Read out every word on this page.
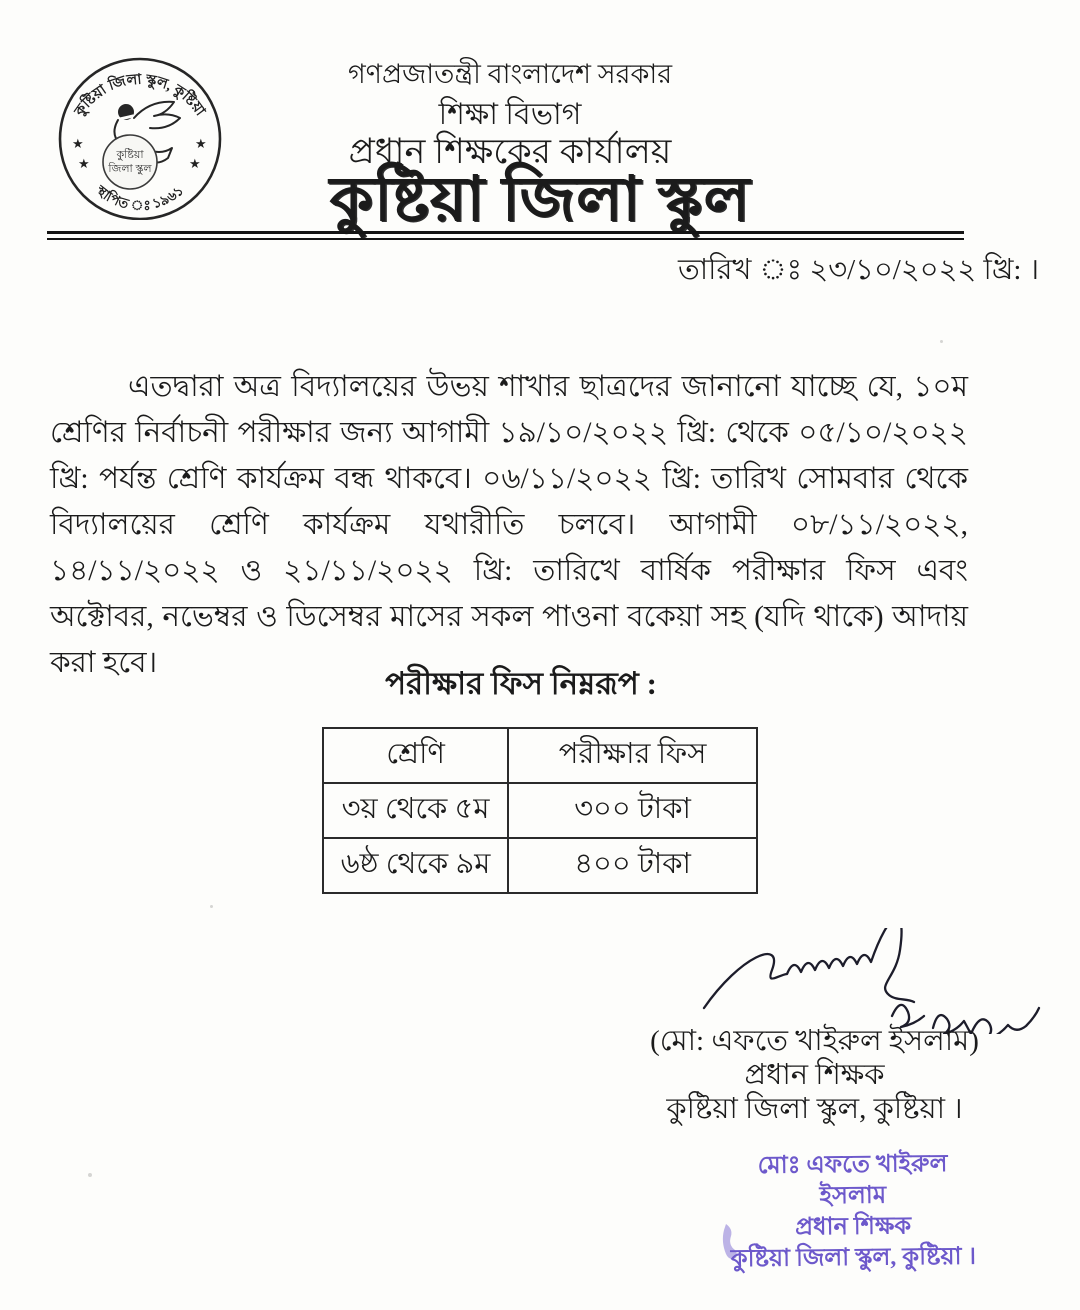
কুষ্টিয়া জিলা স্কুল, কুষ্টিয়া
স্থাপিত ঃ ১৯৬১
★
★
★
★
কুষ্টিয়া
জিলা স্কুল
গণপ্রজাতন্ত্রী বাংলাদেশ সরকার
শিক্ষা বিভাগ
প্রধান শিক্ষকের কার্যালয়
কুষ্টিয়া জিলা স্কুল
তারিখ ঃ ২৩/১০/২০২২ খ্রি: ।

এতদ্বারা অত্র বিদ্যালয়ের উভয় শাখার ছাত্রদের জানানো যাচ্ছে যে, ১০ম শ্রেণির নির্বাচনী পরীক্ষার জন্য আগামী ১৯/১০/২০২২ খ্রি: থেকে ০৫/১০/২০২২ খ্রি: পর্যন্ত শ্রেণি কার্যক্রম বন্ধ থাকবে। ০৬/১১/২০২২ খ্রি: তারিখ সোমবার থেকে বিদ্যালয়ের শ্রেণি কার্যক্রম যথারীতি চলবে। আগামী ০৮/১১/২০২২, ১৪/১১/২০২২ ও ২১/১১/২০২২ খ্রি: তারিখে বার্ষিক পরীক্ষার ফিস এবং অক্টোবর, নভেম্বর ও ডিসেম্বর মাসের সকল পাওনা বকেয়া সহ (যদি থাকে) আদায় করা হবে।

পরীক্ষার ফিস নিম্নরূপ :
শ্রেণি	পরীক্ষার ফিস
৩য় থেকে ৫ম	৩০০ টাকা
৬ষ্ঠ থেকে ৯ম	৪০০ টাকা
(মো: এফতে খাইরুল ইসলাম)
প্রধান শিক্ষক
কুষ্টিয়া জিলা স্কুল, কুষ্টিয়া ।
মোঃ এফতে খাইরুল ইসলাম
প্রধান শিক্ষক
কুষ্টিয়া জিলা স্কুল, কুষ্টিয়া ।
